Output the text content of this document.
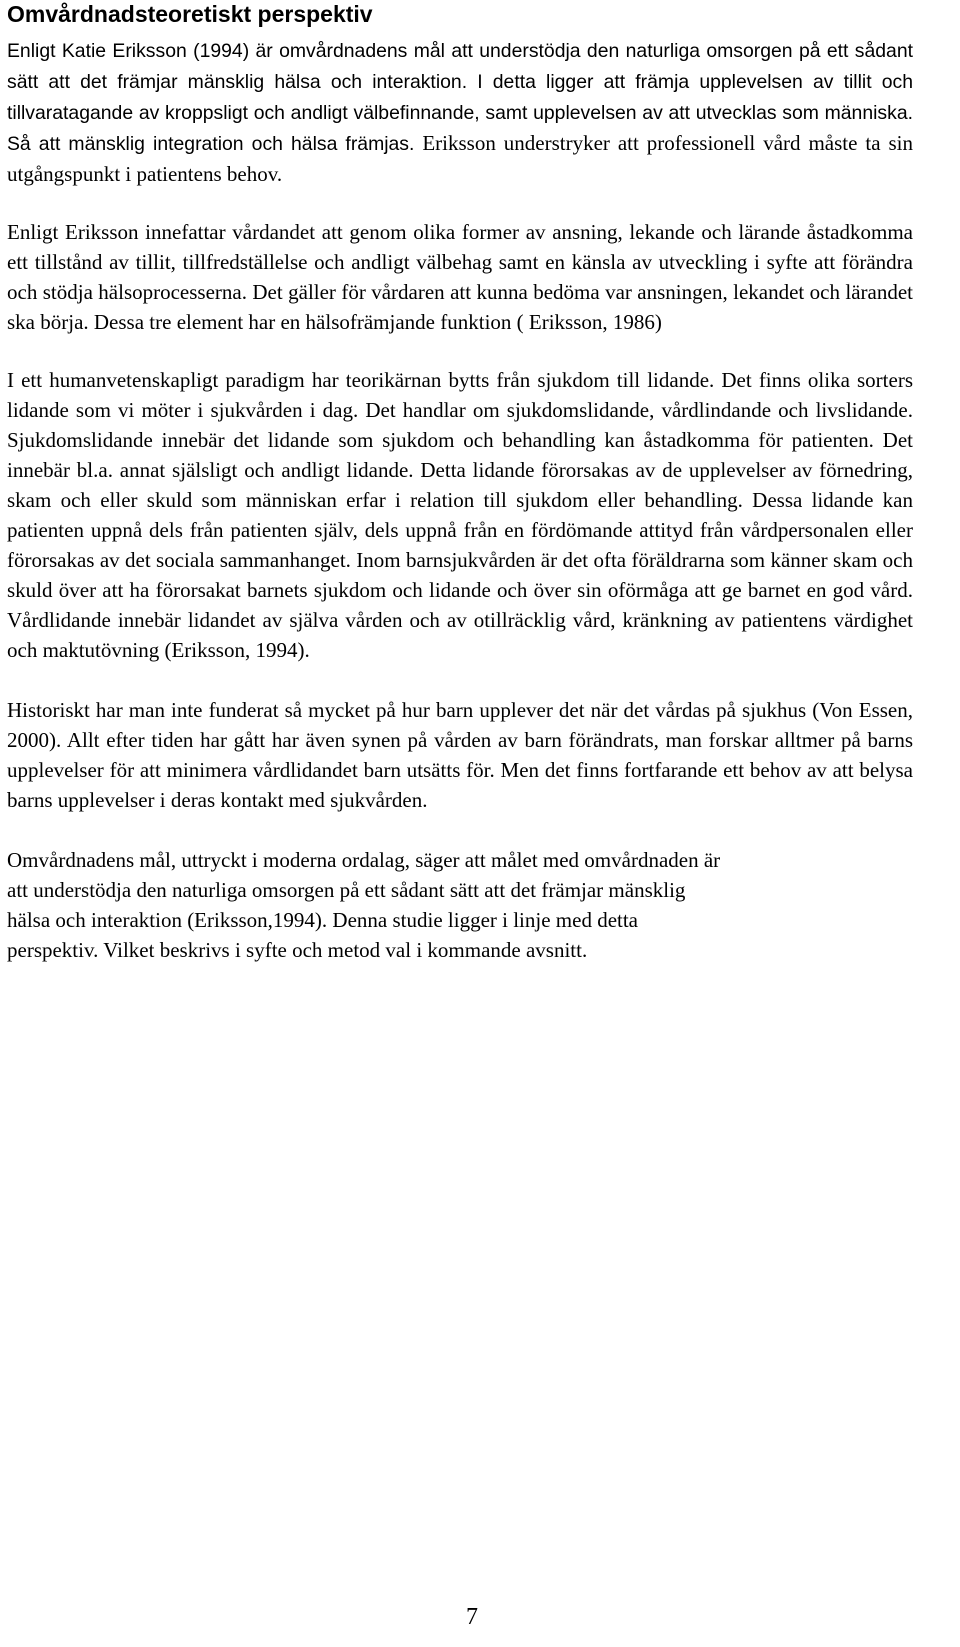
Omvårdnadsteoretiskt perspektiv

Enligt Katie Eriksson (1994) är omvårdnadens mål att understödja den naturliga omsorgen på ett sådant sätt att det främjar mänsklig hälsa och interaktion. I detta ligger att främja upplevelsen av tillit och tillvaratagande av kroppsligt och andligt välbefinnande, samt upplevelsen av att utvecklas som människa. Så att mänsklig integration och hälsa främjas. Eriksson understryker att professionell vård måste ta sin utgångspunkt i patientens behov.

Enligt Eriksson innefattar vårdandet att genom olika former av ansning, lekande och lärande åstadkomma ett tillstånd av tillit, tillfredställelse och andligt välbehag samt en känsla av utveckling i syfte att förändra och stödja hälsoprocesserna. Det gäller för vårdaren att kunna bedöma var ansningen, lekandet och lärandet ska börja. Dessa tre element har en hälsofrämjande funktion ( Eriksson, 1986)

I ett humanvetenskapligt paradigm har teorikärnan bytts från sjukdom till lidande. Det finns olika sorters lidande som vi möter i sjukvården i dag. Det handlar om sjukdomslidande, vårdlindande och livslidande. Sjukdomslidande innebär det lidande som sjukdom och behandling kan åstadkomma för patienten. Det innebär bl.a. annat själsligt och andligt lidande. Detta lidande förorsakas av de upplevelser av förnedring, skam och eller skuld som människan erfar i relation till sjukdom eller behandling. Dessa lidande kan patienten uppnå dels från patienten själv, dels uppnå från en fördömande attityd från vårdpersonalen eller förorsakas av det sociala sammanhanget. Inom barnsjukvården är det ofta föräldrarna som känner skam och skuld över att ha förorsakat barnets sjukdom och lidande och över sin oförmåga att ge barnet en god vård. Vårdlidande innebär lidandet av själva vården och av otillräcklig vård, kränkning av patientens värdighet och maktutövning (Eriksson, 1994).

Historiskt har man inte funderat så mycket på hur barn upplever det när det vårdas på sjukhus (Von Essen, 2000). Allt efter tiden har gått har även synen på vården av barn förändrats, man forskar alltmer på barns upplevelser för att minimera vårdlidandet barn utsätts för. Men det finns fortfarande ett behov av att belysa barns upplevelser i deras kontakt med sjukvården.

Omvårdnadens mål, uttryckt i moderna ordalag, säger att målet med omvårdnaden är
att understödja den naturliga omsorgen på ett sådant sätt att det främjar mänsklig
hälsa och interaktion (Eriksson,1994). Denna studie ligger i linje med detta
perspektiv. Vilket beskrivs i syfte och metod val i kommande avsnitt.
7
